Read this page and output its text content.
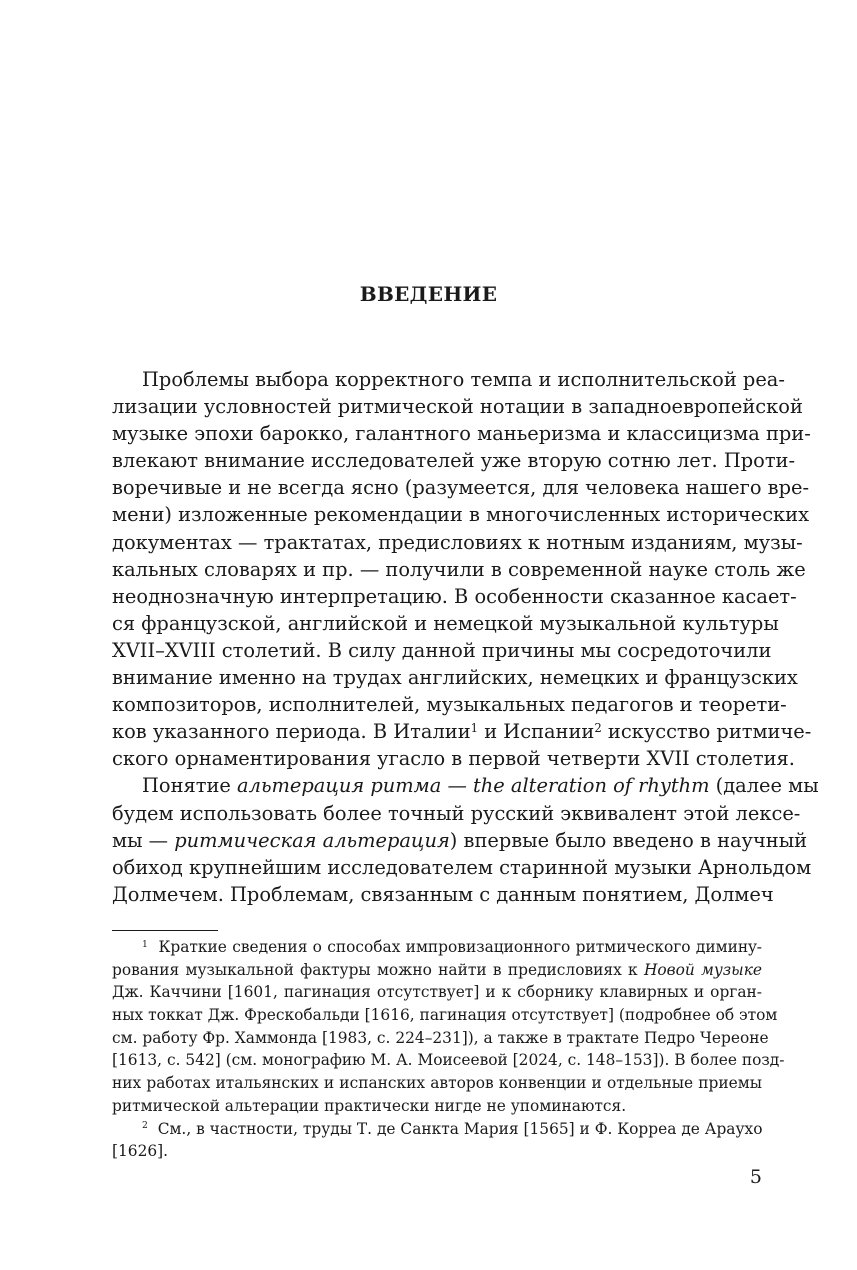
ВВЕДЕНИЕ
Проблемы выбора корректного темпа и исполнительской реа-
лизации условностей ритмической нотации в западноевропейской
музыке эпохи барокко, галантного маньеризма и классицизма при-
влекают внимание исследователей уже вторую сотню лет. Проти-
воречивые и не всегда ясно (разумеется, для человека нашего вре-
мени) изложенные рекомендации в многочисленных исторических
документах — трактатах, предисловиях к нотным изданиям, музы-
кальных словарях и пр. — получили в современной науке столь же
неоднозначную интерпретацию. В особенности сказанное касает-
ся французской, английской и немецкой музыкальной культуры
XVII–XVIII столетий. В силу данной причины мы сосредоточили
внимание именно на трудах английских, немецких и французских
композиторов, исполнителей, музыкальных педагогов и теорети-
ков указанного периода. В Италии$^1$ и Испании$^2$ искусство ритмиче-
ского орнаментирования угасло в первой четверти XVII столетия.
Понятие альтерация ритма — the alteration of rhythm (далее мы
будем использовать более точный русский эквивалент этой лексе-
мы — ритмическая альтерация) впервые было введено в научный
обиход крупнейшим исследователем старинной музыки Арнольдом
Долмечем. Проблемам, связанным с данным понятием, Долмеч
$^1$ Краткие сведения о способах импровизационного ритмического диминy-
рования музыкальной фактуры можно найти в предисловиях к Новой музыке
Дж. Каччини [1601, пагинация отсутствует] и к сборнику клавирных и орган-
ных токкат Дж. Фрескобальди [1616, пагинация отсутствует] (подробнее об этом
см. работу Фр. Хаммонда [1983, с. 224–231]), а также в трактате Педро Череоне
[1613, с. 542] (см. монографию М. А. Моисеевой [2024, с. 148–153]). В более позд-
них работах итальянских и испанских авторов конвенции и отдельные приемы
ритмической альтерации практически нигде не упоминаются.
$^2$ См., в частности, труды Т. де Санкта Мария [1565] и Ф. Корреа де Араухо
[1626].
5
